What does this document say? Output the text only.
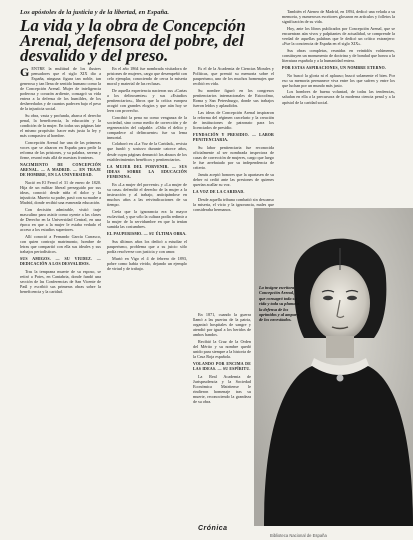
Los apóstoles de la justicia y de la libertad, en España.
La vida y la obra de Concepción Arenal, defensora del pobre, del desvalido y del preso.

GENTRE la multitud de los ilustres pensadores que el siglo XIX dio a España, ninguna figura tan noble, tan generosa y tan llena de sentido humano como la de Concepción Arenal. Mujer de inteligencia poderosa y corazón ardiente, consagró su vida entera a la defensa de los humildes, de los desheredados y de cuantos padecen bajo el peso de la injusticia social.

Su obra, vasta y profunda, abarca el derecho penal, la beneficencia, la educación y la condición de la mujer. En todas sus páginas late el mismo propósito: hacer más justa la ley y más compasivo al hombre.

Concepción Arenal fue una de las primeras voces que se alzaron en España para pedir la reforma de las prisiones, y su palabra, serena y firme, resonó más allá de nuestras fronteras.

NACIMIENTO DE CONCEPCIÓN ARENAL. — A MADRID. — EN TRAJE DE HOMBRE, EN LA UNIVERSIDAD.

Nació en El Ferrol el 31 de enero de 1820. Hija de un militar liberal perseguido por sus ideas, conoció desde niña el dolor y la injusticia. Muerto su padre, pasó con su madre a Madrid, donde recibió una esmerada educación.

Con decisión admirable, vistió traje masculino para asistir como oyente a las clases de Derecho en la Universidad Central, en una época en que a la mujer le estaba vedado el acceso a los estudios superiores.

Allí conoció a Fernando García Carrasco, con quien contrajo matrimonio, hombre de letras que compartió con ella sus ideales y sus trabajos periodísticos.

SUS AMIGOS. — SU VIUDEZ. — DEDICACIÓN A LOS DESVALIDOS.

Tras la temprana muerte de su esposo, se retiró a Potes, en Cantabria, donde fundó una sección de las Conferencias de San Vicente de Paúl y escribió sus primeras obras sobre la beneficencia y la caridad.

En el año 1864 fue nombrada visitadora de prisiones de mujeres, cargo que desempeñó con celo ejemplar, conociendo de cerca la miseria moral y material de las reclusas.

De aquella experiencia nacieron sus «Cartas a los delincuentes» y sus «Estudios penitenciarios», libros que la crítica europea acogió con grandes elogios y que aún hoy se leen con provecho.

Concibió la pena no como venganza de la sociedad, sino como medio de corrección y de regeneración del culpable. «Odia el delito y compadece al delincuente» fue su lema inmortal.

Colaboró en «La Voz de la Caridad», revista que fundó y sostuvo durante catorce años, desde cuyas páginas denunció los abusos de los establecimientos benéficos y penitenciarios.

LA MUJER DEL PORVENIR. — SUS IDEAS SOBRE LA EDUCACIÓN FEMENINA.

En «La mujer del porvenir» y «La mujer de su casa» defendió el derecho de la mujer a la instrucción y al trabajo, anticipándose en muchos años a las reivindicaciones de su tiempo.

Creía que la ignorancia era la mayor esclavitud, y que sólo la cultura podía redimir a la mujer de la servidumbre en que la tenían sumida las costumbres.

EL PAUPERISMO. — SU ÚLTIMA OBRA.

Sus últimos años los dedicó a estudiar el pauperismo, problema que a su juicio sólo podía resolverse con justicia y con amor.

Murió en Vigo el 4 de febrero de 1893, pobre como había vivido, dejando un ejemplo de virtud y de trabajo.

Es el de la Academia de Ciencias Morales y Políticas, que premió su memoria sobre el pauperismo, uno de los muchos homenajes que recibió en vida.

Su nombre figuró en los congresos penitenciarios internacionales de Estocolmo, Roma y San Petersburgo, donde sus trabajos fueron leídos y aplaudidos.

Las ideas de Concepción Arenal inspiraron la reforma del régimen carcelario y la creación de instituciones de patronato para los licenciados de presidio.

FUNDACIÓN Y PRESIDIO. — LABOR PENITENCIARIA.

Su labor penitenciaria fue reconocida oficialmente al ser nombrada inspectora de casas de corrección de mujeres, cargo que luego le fue arrebatado por su independencia de criterio.

Jamás aceptó honores que la apartasen de su deber ni cedió ante las presiones de quienes querían acallar su voz.

LA VOZ DE LA CARIDAD.

Desde aquella tribuna combatió sin descanso la miseria, el vicio y la ignorancia, males que consideraba hermanos.

En 1871, cuando la guerra llamó a las puertas de la patria, organizó hospitales de sangre y atendió por igual a los heridos de ambos bandos.

Recibió la Cruz de la Orden del Mérito y su nombre quedó unido para siempre a la historia de la Cruz Roja española.

VOLANDO POR ENCIMA DE LAS IDEAS. — SU ESPÍRITU.

La Real Academia de Jurisprudencia y la Sociedad Económica Matritense le rindieron homenaje tras su muerte, reconociendo la grandeza de su obra.

También el Ateneo de Madrid, en 1894, dedicó una velada a su memoria, y numerosos escritores glosaron en artículos y folletos la significación de su vida.

Hoy, ante los libros publicados por Concepción Arenal, que se encuentran aún vivos y palpitantes de actualidad, se comprende la verdad de aquellas palabras que le dedicó un crítico extranjero: «Fue la conciencia de España en el siglo XIX».

Sus obras completas, reunidas en veintidós volúmenes, constituyen un monumento de doctrina y de bondad que honra a la literatura española y a la humanidad entera.

POR ESTAS ASPIRACIONES, UN NOMBRE ETERNO.

No buscó la gloria ni el aplauso; buscó solamente el bien. Por eso su memoria permanece viva entre los que sufren y entre los que luchan por un mundo más justo.

Los hombres de buena voluntad, de todas las tendencias, saludan en ella a la precursora de la moderna ciencia penal y a la apóstol de la caridad social.

La insigne escritora Concepción Arenal, que consagró toda su vida y toda su pluma a la defensa de los oprimidos y al amparo de los necesitados.
Crónica
Biblioteca Nacional de España
